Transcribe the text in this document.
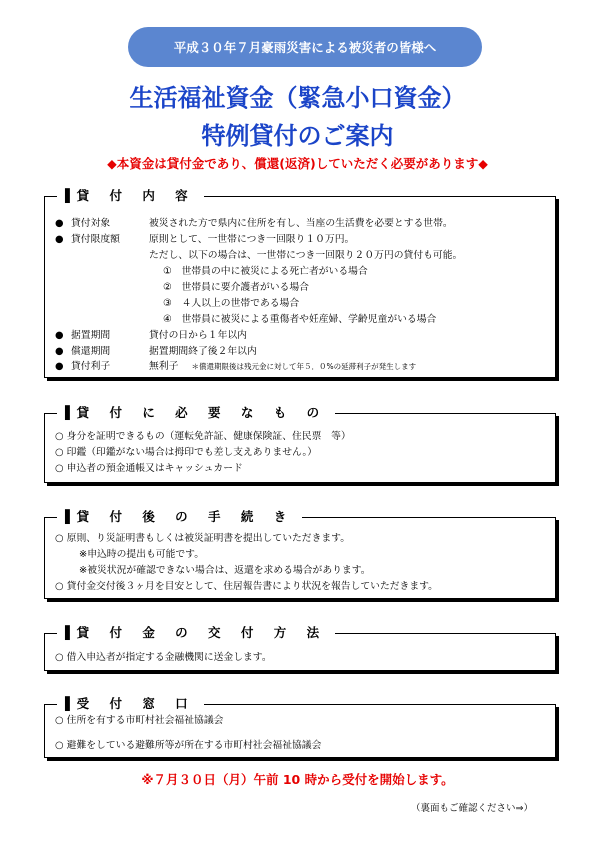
平成３０年７月豪雨災害による被災者の皆様へ
生活福祉資金（緊急小口資金）
特例貸付のご案内
◆本資金は貸付金であり、償還(返済)していただく必要があります◆
▌ 貸 付 内 容
● 貸付対象	被災された方で県内に住所を有し、当座の生活費を必要とする世帯。
● 貸付限度額	原則として、一世帯につき一回限り１０万円。
ただし、以下の場合は、一世帯につき一回限り２０万円の貸付も可能。
①　世帯員の中に被災による死亡者がいる場合
②　世帯員に要介護者がいる場合
③　４人以上の世帯である場合
④　世帯員に被災による重傷者や妊産婦、学齢児童がいる場合
● 据置期間	貸付の日から１年以内
● 償還期間	据置期間終了後２年以内
● 貸付利子	無利子 ＊償還期限後は残元金に対して年５．０%の延滞利子が発生します
▌ 貸 付 に 必 要 な も の
○ 身分を証明できるもの（運転免許証、健康保険証、住民票　等）
○ 印鑑（印鑑がない場合は拇印でも差し支えありません。）
○ 申込者の預金通帳又はキャッシュカード
▌ 貸 付 後 の 手 続 き
○ 原則、り災証明書もしくは被災証明書を提出していただきます。
※申込時の提出も可能です。
※被災状況が確認できない場合は、返還を求める場合があります。
○ 貸付金交付後３ヶ月を目安として、住居報告書により状況を報告していただきます。
▌ 貸 付 金 の 交 付 方 法
○ 借入申込者が指定する金融機関に送金します。
▌ 受 付 窓 口
○ 住所を有する市町村社会福祉協議会
○ 避難をしている避難所等が所在する市町村社会福祉協議会
※７月３０日（月）午前 10 時から受付を開始します。
（裏面もご確認ください⇒）
